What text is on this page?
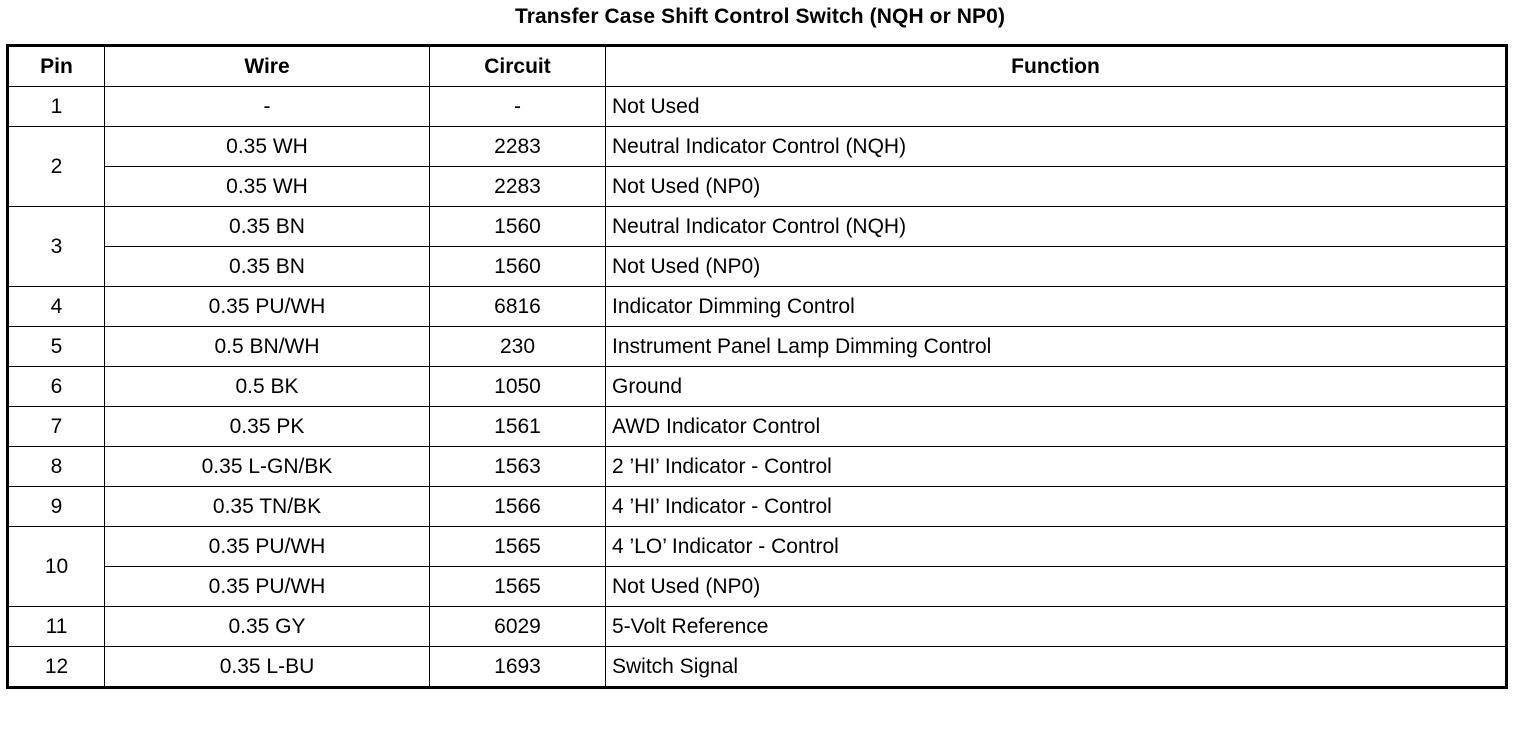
Transfer Case Shift Control Switch (NQH or NP0)
Pin	Wire	Circuit	Function
1	-	-	Not Used
2	0.35 WH	2283	Neutral Indicator Control (NQH)
	0.35 WH	2283	Not Used (NP0)
3	0.35 BN	1560	Neutral Indicator Control (NQH)
	0.35 BN	1560	Not Used (NP0)
4	0.35 PU/WH	6816	Indicator Dimming Control
5	0.5 BN/WH	230	Instrument Panel Lamp Dimming Control
6	0.5 BK	1050	Ground
7	0.35 PK	1561	AWD Indicator Control
8	0.35 L-GN/BK	1563	2 ’HI’ Indicator - Control
9	0.35 TN/BK	1566	4 ’HI’ Indicator - Control
10	0.35 PU/WH	1565	4 ’LO’ Indicator - Control
	0.35 PU/WH	1565	Not Used (NP0)
11	0.35 GY	6029	5-Volt Reference
12	0.35 L-BU	1693	Switch Signal
